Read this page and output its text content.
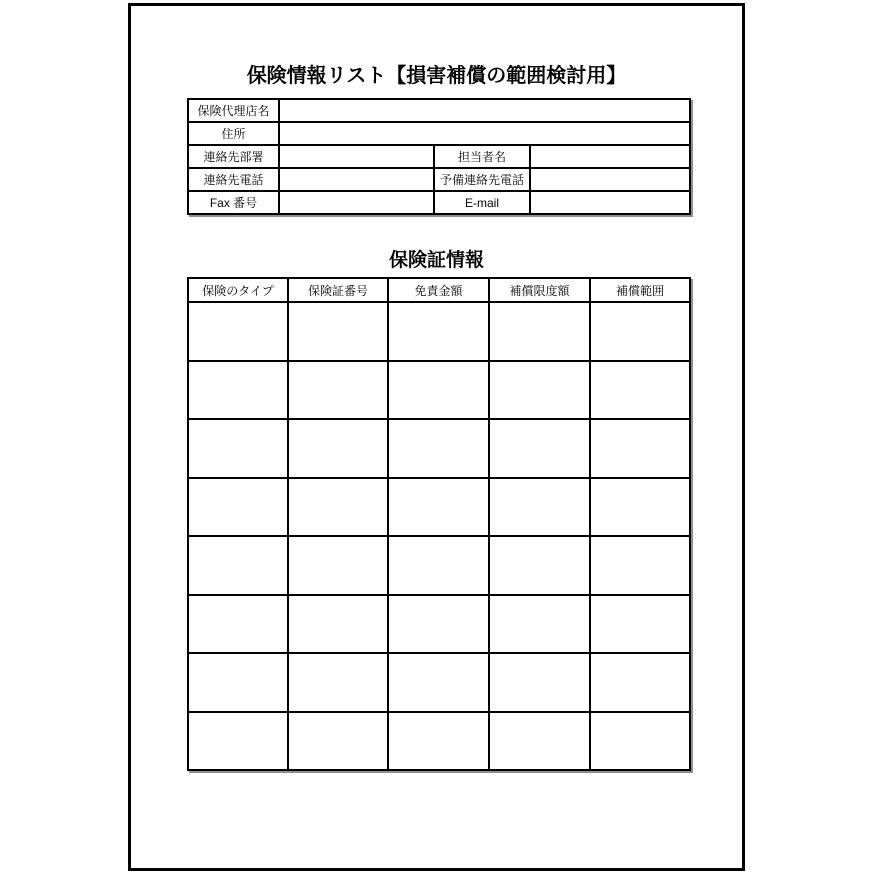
保険情報リスト【損害補償の範囲検討用】
保険代理店名			
住所			
連絡先部署		担当者名	
連絡先電話		予備連絡先電話	
Fax 番号		E-mail	
保険証情報
保険のタイプ	保険証番号	免責金額	補償限度額	補償範囲
